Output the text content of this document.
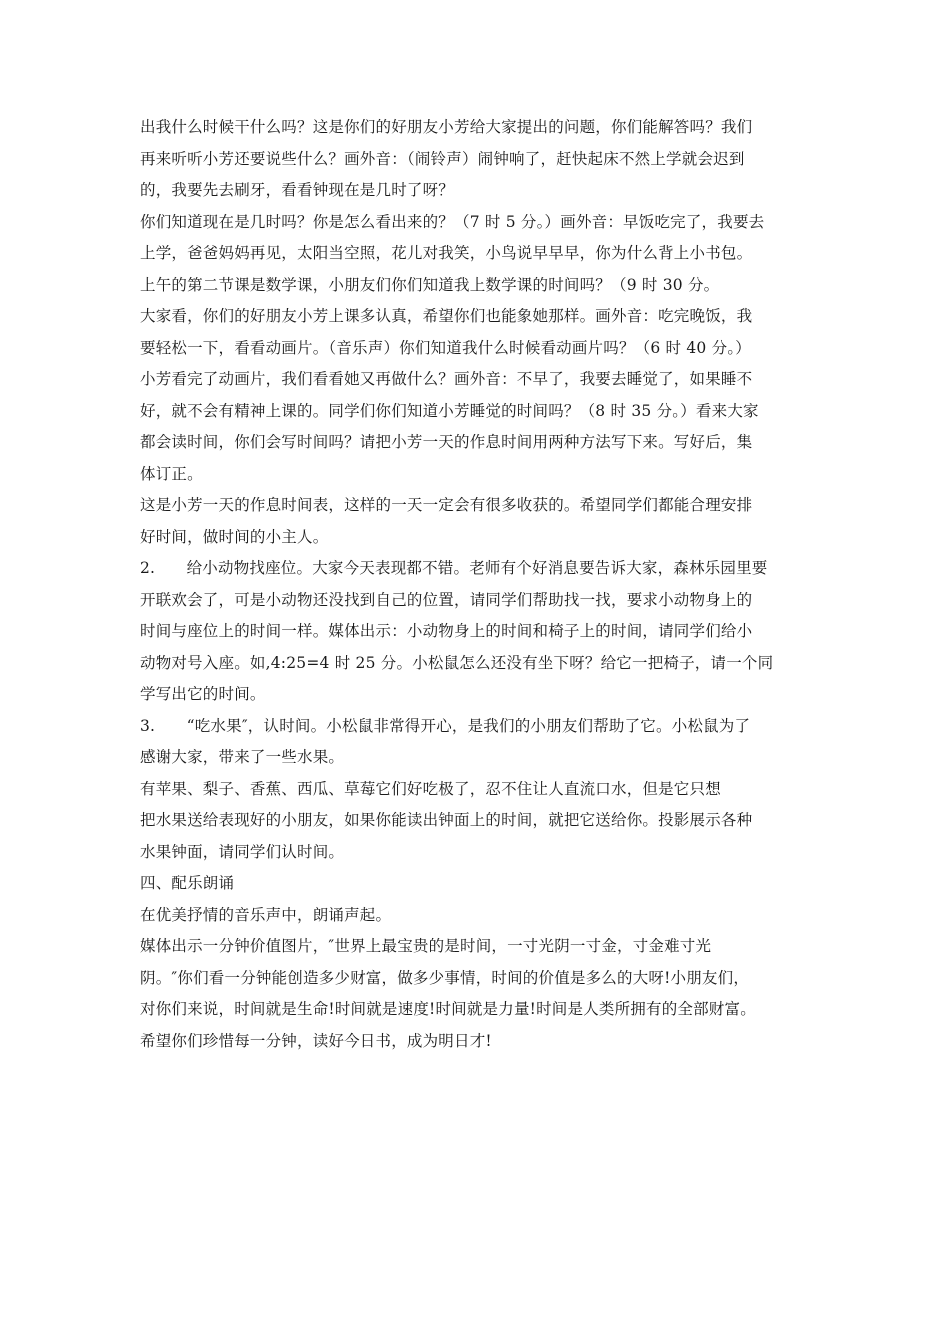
出我什么时候干什么吗？这是你们的好朋友小芳给大家提出的问题，你们能解答吗？我们
再来听听小芳还要说些什么？画外音：（闹铃声）闹钟响了，赶快起床不然上学就会迟到
的，我要先去刷牙，看看钟现在是几时了呀？
你们知道现在是几时吗？你是怎么看出来的？（7 时 5 分。）画外音：早饭吃完了，我要去
上学，爸爸妈妈再见，太阳当空照，花儿对我笑，小鸟说早早早，你为什么背上小书包。
上午的第二节课是数学课，小朋友们你们知道我上数学课的时间吗？（9 时 30 分。
大家看，你们的好朋友小芳上课多认真，希望你们也能象她那样。画外音：吃完晚饭，我
要轻松一下，看看动画片。（音乐声）你们知道我什么时候看动画片吗？（6 时 40 分。）
小芳看完了动画片，我们看看她又再做什么？画外音：不早了，我要去睡觉了，如果睡不
好，就不会有精神上课的。同学们你们知道小芳睡觉的时间吗？（8 时 35 分。）看来大家
都会读时间，你们会写时间吗？请把小芳一天的作息时间用两种方法写下来。写好后，集
体订正。
这是小芳一天的作息时间表，这样的一天一定会有很多收获的。希望同学们都能合理安排
好时间，做时间的小主人。
2.　　给小动物找座位。大家今天表现都不错。老师有个好消息要告诉大家，森林乐园里要
开联欢会了，可是小动物还没找到自己的位置，请同学们帮助找一找，要求小动物身上的
时间与座位上的时间一样。媒体出示：小动物身上的时间和椅子上的时间，请同学们给小
动物对号入座。如,4:25=4 时 25 分。小松鼠怎么还没有坐下呀？给它一把椅子，请一个同
学写出它的时间。
3.　　“吃水果″，认时间。小松鼠非常得开心，是我们的小朋友们帮助了它。小松鼠为了
感谢大家，带来了一些水果。
有苹果、梨子、香蕉、西瓜、草莓它们好吃极了，忍不住让人直流口水，但是它只想
把水果送给表现好的小朋友，如果你能读出钟面上的时间，就把它送给你。投影展示各种
水果钟面，请同学们认时间。
四、配乐朗诵
在优美抒情的音乐声中，朗诵声起。
媒体出示一分钟价值图片，″世界上最宝贵的是时间，一寸光阴一寸金，寸金难寸光
阴。″你们看一分钟能创造多少财富，做多少事情，时间的价值是多么的大呀!小朋友们，
对你们来说，时间就是生命!时间就是速度!时间就是力量!时间是人类所拥有的全部财富。
希望你们珍惜每一分钟，读好今日书，成为明日才!
